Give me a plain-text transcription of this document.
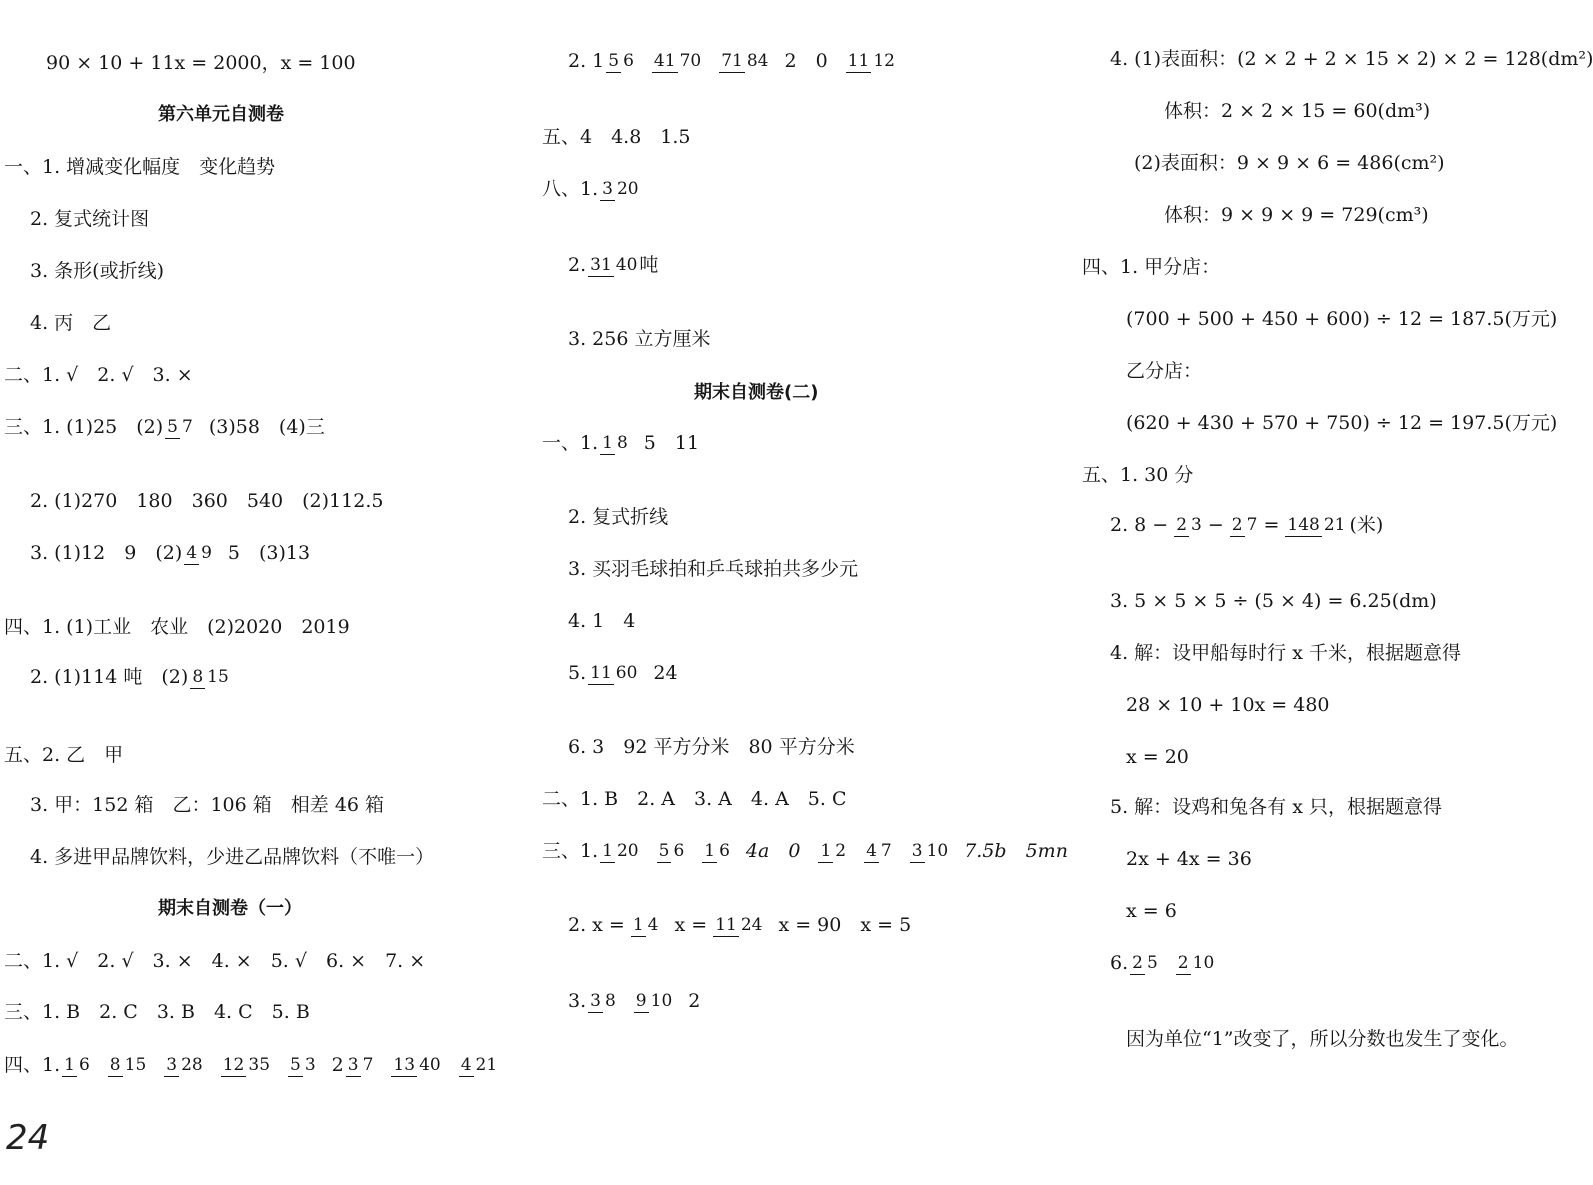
90 × 10 + 11x = 2000，x = 100
第六单元自测卷
一、1. 增减变化幅度　变化趋势
2. 复式统计图
3. 条形(或折线)
4. 丙　乙
二、1. √　2. √　3. ×
三、1. (1)25　(2) 5 7 (3)58　(4)三
2. (1)270　180　360　540　(2)112.5
3. (1)12　9　(2) 4 9 5　(3)13
四、1. (1)工业　农业　(2)2020　2019
2. (1)114 吨　(2) 8 15
五、2. 乙　甲
3. 甲：152 箱　乙：106 箱　相差 46 箱
4. 多进甲品牌饮料，少进乙品牌饮料（不唯一）
期末自测卷（一）
二、1. √　2. √　3. ×　4. ×　5. √　6. ×　7. ×
三、1. B　2. C　3. B　4. C　5. B
四、1. 1 6 8 15 3 28 12 35 5 3 2 3 7 13 40 4 21
24
2. 1 5 6 41 70 71 84 2　0 11 12
五、4　4.8　1.5
八、1. 3 20
2. 31 40 吨
3. 256 立方厘米
期末自测卷(二)
一、1. 1 8 5　11
2. 复式折线
3. 买羽毛球拍和乒乓球拍共多少元
4. 1　4
5. 11 60 24
6. 3　92 平方分米　80 平方分米
二、1. B　2. A　3. A　4. A　5. C
三、1. 1 20 5 6 1 6 4a　0 1 2 4 7 3 10 7.5b　5mn
2. x = 1 4 x = 11 24 x = 90　x = 5
3. 3 8 9 10 2
4. (1)表面积：(2 × 2 + 2 × 15 × 2) × 2 = 128(dm²)
体积：2 × 2 × 15 = 60(dm³)
(2)表面积：9 × 9 × 6 = 486(cm²)
体积：9 × 9 × 9 = 729(cm³)
四、1. 甲分店：
(700 + 500 + 450 + 600) ÷ 12 = 187.5(万元)
乙分店：
(620 + 430 + 570 + 750) ÷ 12 = 197.5(万元)
五、1. 30 分
2. 8 − 2 3 − 2 7 = 148 21 (米)
3. 5 × 5 × 5 ÷ (5 × 4) = 6.25(dm)
4. 解：设甲船每时行 x 千米，根据题意得
28 × 10 + 10x = 480
x = 20
5. 解：设鸡和兔各有 x 只，根据题意得
2x + 4x = 36
x = 6
6. 2 5 2 10
因为单位“1”改变了，所以分数也发生了变化。
